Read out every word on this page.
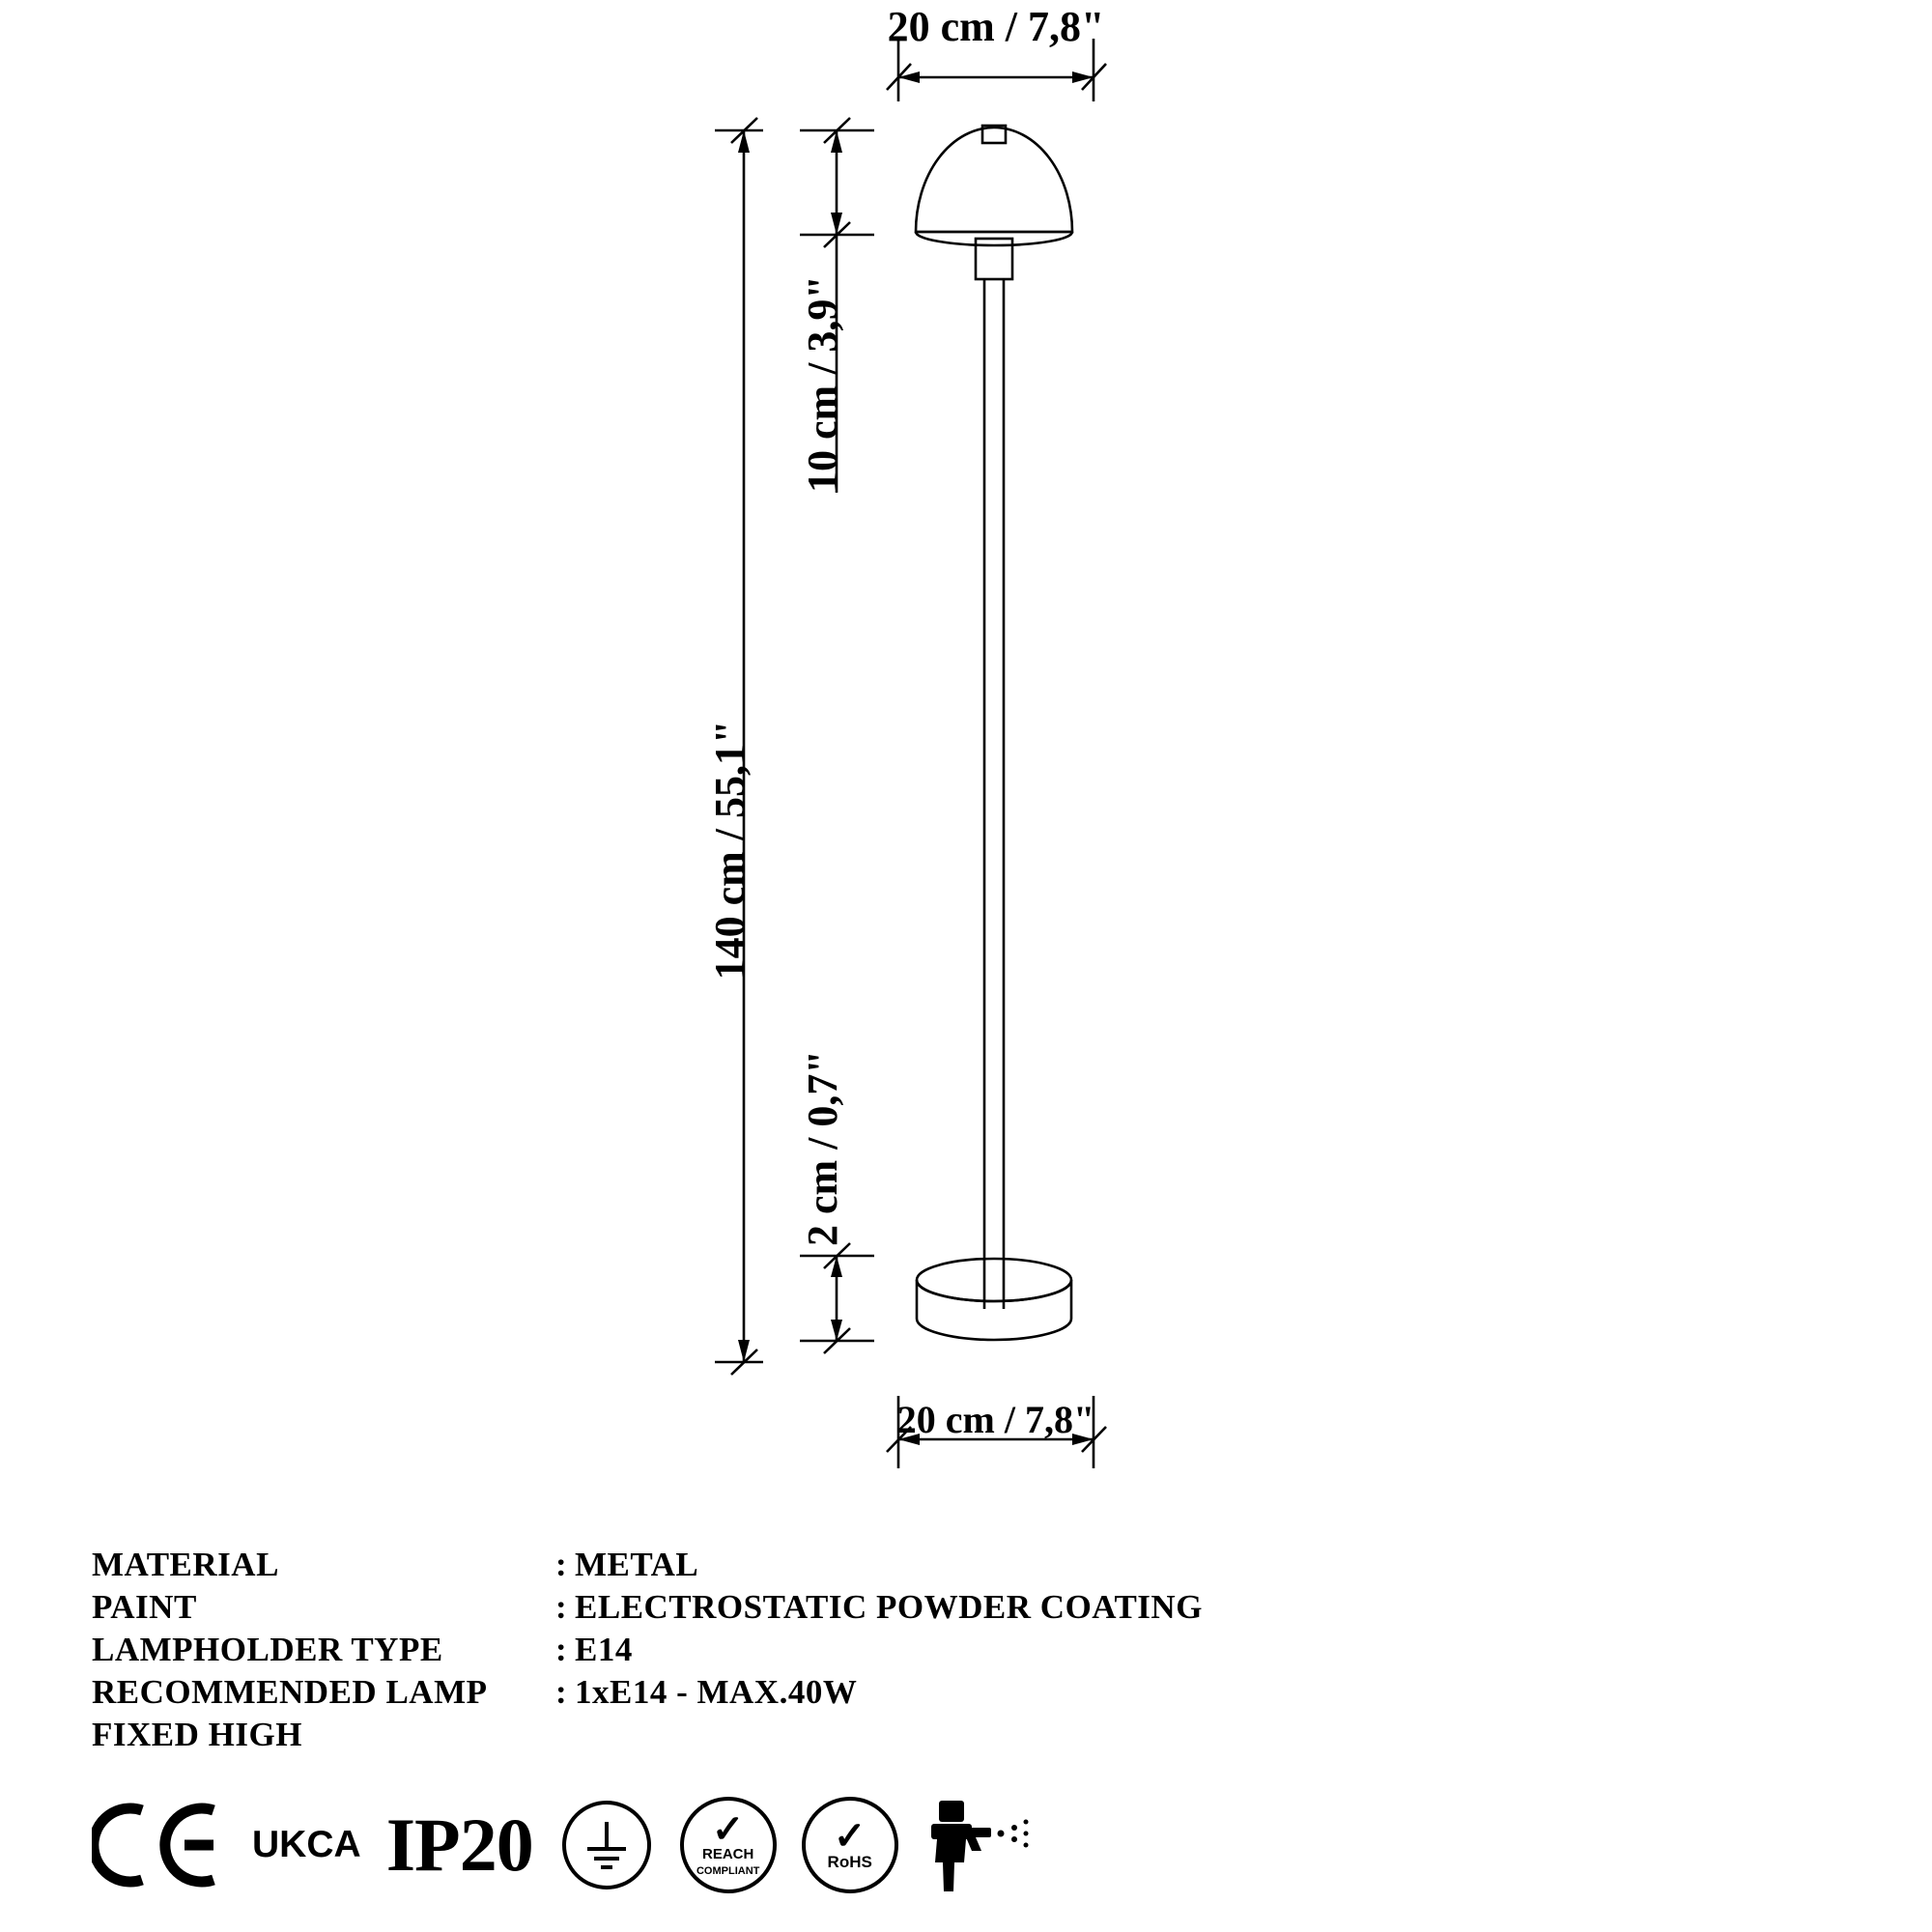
10 cm / 3,9"
2 cm / 0,7"
140 cm / 55,1"
20 cm / 7,8"
20 cm / 7,8"
MATERIAL	: METAL
PAINT	: ELECTROSTATIC POWDER COATING
LAMPHOLDER TYPE	: E14
RECOMMENDED LAMP	: 1xE14 - MAX.40W
FIXED HIGH
UK CA IP20	✓
REACH
COMPLIANT
✓
RoHS
